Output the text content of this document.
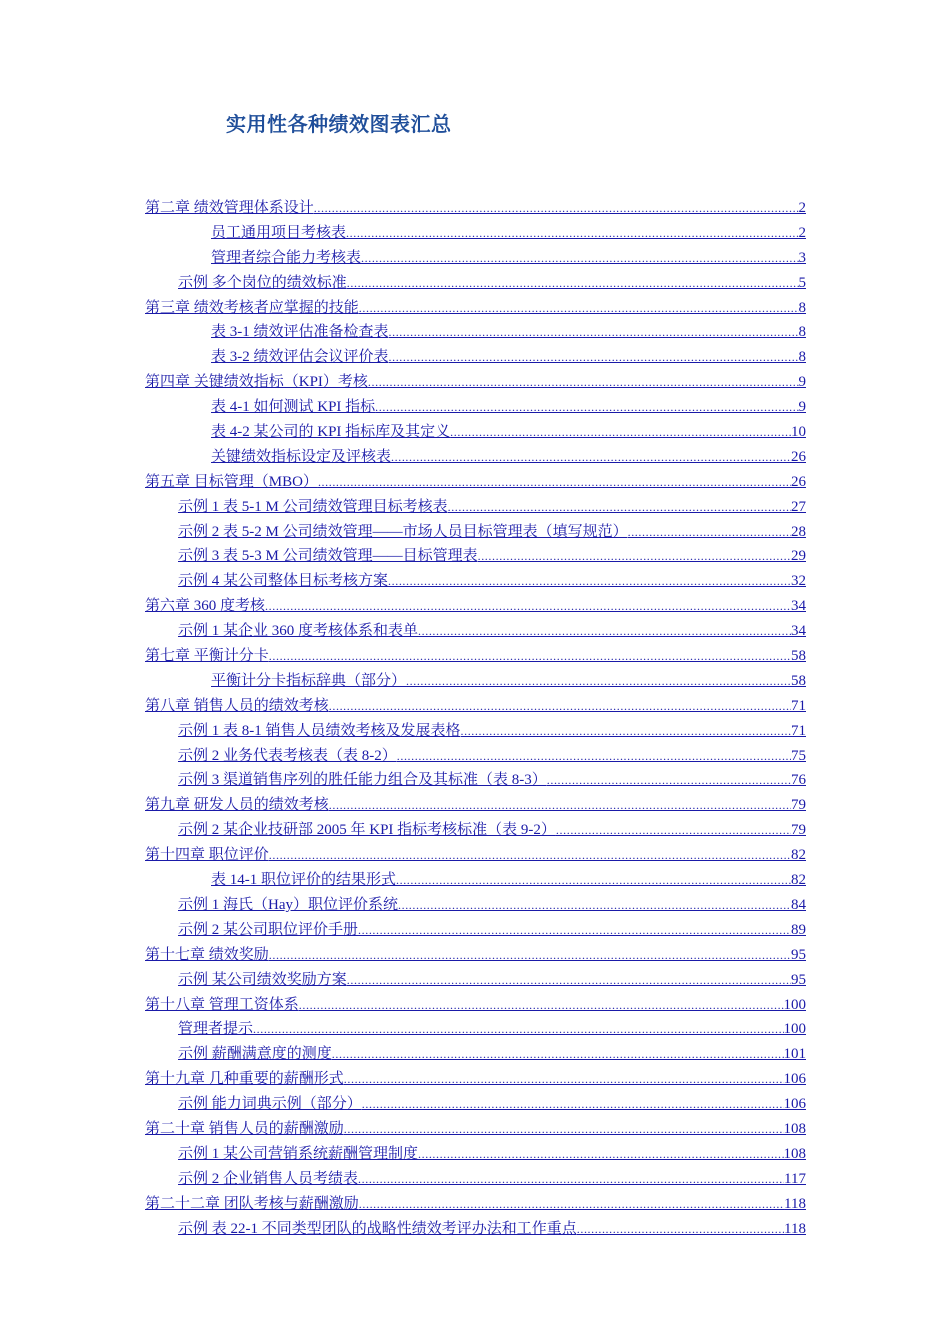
实用性各种绩效图表汇总
第二章 绩效管理体系设计 .....	2
员工通用项目考核表 .....	2
管理者综合能力考核表 .....	3
示例 多个岗位的绩效标准 .....	5
第三章 绩效考核者应掌握的技能 .....	8
表 3-1 绩效评估准备检查表 .....	8
表 3-2 绩效评估会议评价表 .....	8
第四章 关键绩效指标（KPI）考核 .....	9
表 4-1 如何测试 KPI 指标 .....	9
表 4-2 某公司的 KPI 指标库及其定义 .....	10
关键绩效指标设定及评核表 .....	26
第五章 目标管理（MBO） .....	26
示例 1 表 5-1 M 公司绩效管理目标考核表 .....	27
示例 2 表 5-2 M 公司绩效管理——市场人员目标管理表（填写规范） .....	28
示例 3 表 5-3 M 公司绩效管理——目标管理表 .....	29
示例 4 某公司整体目标考核方案 .....	32
第六章 360 度考核 .....	34
示例 1 某企业 360 度考核体系和表单 .....	34
第七章 平衡计分卡 .....	58
平衡计分卡指标辞典（部分） .....	58
第八章 销售人员的绩效考核 .....	71
示例 1 表 8-1 销售人员绩效考核及发展表格 .....	71
示例 2 业务代表考核表（表 8-2） .....	75
示例 3 渠道销售序列的胜任能力组合及其标准（表 8-3） .....	76
第九章 研发人员的绩效考核 .....	79
示例 2 某企业技研部 2005 年 KPI 指标考核标准（表 9-2） .....	79
第十四章 职位评价 .....	82
表 14-1 职位评价的结果形式 .....	82
示例 1 海氏（Hay）职位评价系统 .....	84
示例 2 某公司职位评价手册 .....	89
第十七章 绩效奖励 .....	95
示例 某公司绩效奖励方案 .....	95
第十八章 管理工资体系 .....	100
管理者提示 .....	100
示例 薪酬满意度的测度 .....	101
第十九章 几种重要的薪酬形式 .....	106
示例 能力词典示例（部分） .....	106
第二十章 销售人员的薪酬激励 .....	108
示例 1 某公司营销系统薪酬管理制度 .....	108
示例 2 企业销售人员考绩表 .....	117
第二十二章 团队考核与薪酬激励 .....	118
示例 表 22-1 不同类型团队的战略性绩效考评办法和工作重点 .....	118
